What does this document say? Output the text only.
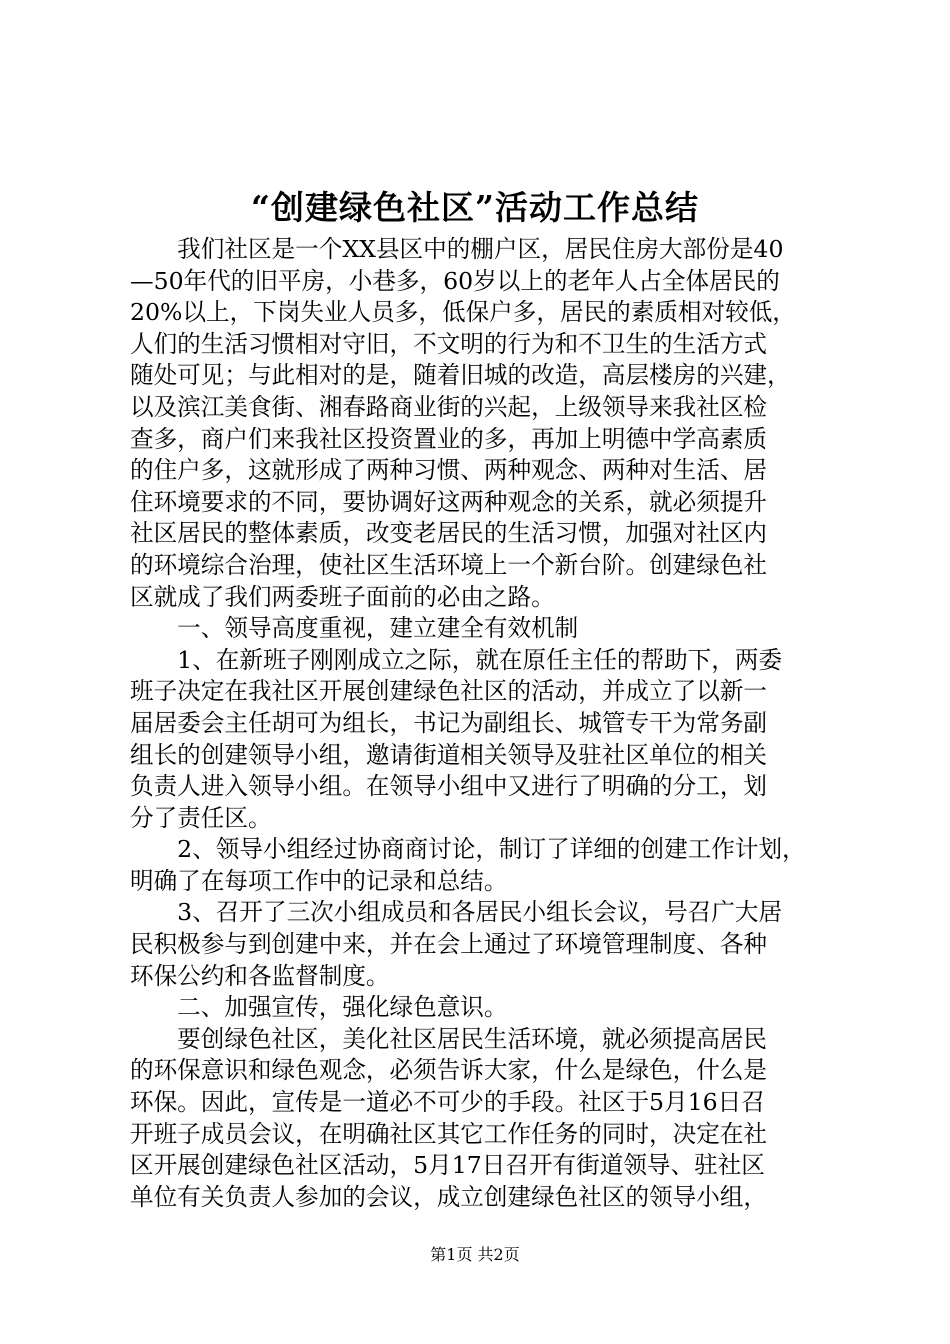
“创建绿色社区”活动工作总结
　　我们社区是一个XX县区中的棚户区，居民住房大部份是40
—50年代的旧平房，小巷多，60岁以上的老年人占全体居民的
20%以上，下岗失业人员多，低保户多，居民的素质相对较低，
人们的生活习惯相对守旧，不文明的行为和不卫生的生活方式
随处可见；与此相对的是，随着旧城的改造，高层楼房的兴建，
以及滨江美食街、湘春路商业街的兴起，上级领导来我社区检
查多，商户们来我社区投资置业的多，再加上明德中学高素质
的住户多，这就形成了两种习惯、两种观念、两种对生活、居
住环境要求的不同，要协调好这两种观念的关系，就必须提升
社区居民的整体素质，改变老居民的生活习惯，加强对社区内
的环境综合治理，使社区生活环境上一个新台阶。创建绿色社
区就成了我们两委班子面前的必由之路。
　　一、领导高度重视，建立建全有效机制
　　1、在新班子刚刚成立之际，就在原任主任的帮助下，两委
班子决定在我社区开展创建绿色社区的活动，并成立了以新一
届居委会主任胡可为组长，书记为副组长、城管专干为常务副
组长的创建领导小组，邀请街道相关领导及驻社区单位的相关
负责人进入领导小组。在领导小组中又进行了明确的分工，划
分了责任区。
　　2、领导小组经过协商商讨论，制订了详细的创建工作计划，
明确了在每项工作中的记录和总结。
　　3、召开了三次小组成员和各居民小组长会议，号召广大居
民积极参与到创建中来，并在会上通过了环境管理制度、各种
环保公约和各监督制度。
　　二、加强宣传，强化绿色意识。
　　要创绿色社区，美化社区居民生活环境，就必须提高居民
的环保意识和绿色观念，必须告诉大家，什么是绿色，什么是
环保。因此，宣传是一道必不可少的手段。社区于5月16日召
开班子成员会议，在明确社区其它工作任务的同时，决定在社
区开展创建绿色社区活动，5月17日召开有街道领导、驻社区
单位有关负责人参加的会议，成立创建绿色社区的领导小组，
第1页 共2页
